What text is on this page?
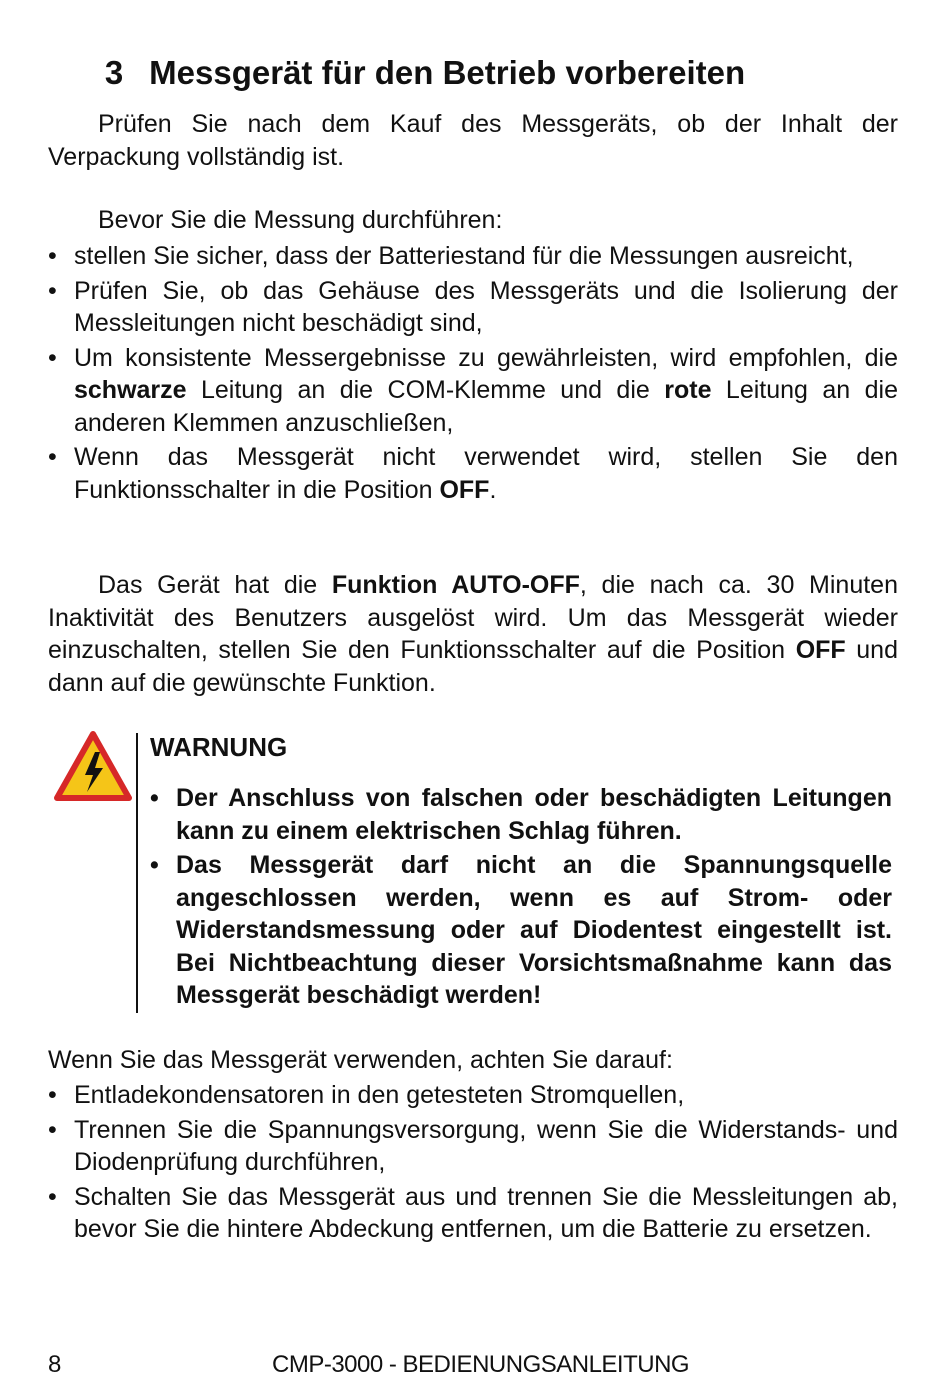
3 Messgerät für den Betrieb vorbereiten

Prüfen Sie nach dem Kauf des Messgeräts, ob der Inhalt der Verpackung vollständig ist.

Bevor Sie die Messung durchführen:

• stellen Sie sicher, dass der Batteriestand für die Messungen ausreicht,
• Prüfen Sie, ob das Gehäuse des Messgeräts und die Isolierung der Messleitungen nicht beschädigt sind,
• Um konsistente Messergebnisse zu gewährleisten, wird empfohlen, die schwarze Leitung an die COM-Klemme und die rote Leitung an die anderen Klemmen anzuschließen,
• Wenn das Messgerät nicht verwendet wird, stellen Sie den Funktionsschalter in die Position OFF.

Das Gerät hat die Funktion AUTO-OFF, die nach ca. 30 Minuten Inaktivität des Benutzers ausgelöst wird. Um das Messgerät wieder einzuschalten, stellen Sie den Funktionsschalter auf die Position OFF und dann auf die gewünschte Funktion.

WARNUNG

• Der Anschluss von falschen oder beschädigten Leitungen kann zu einem elektrischen Schlag führen.
• Das Messgerät darf nicht an die Spannungsquelle angeschlossen werden, wenn es auf Strom- oder Widerstandsmessung oder auf Diodentest eingestellt ist. Bei Nichtbeachtung dieser Vorsichtsmaßnahme kann das Messgerät beschädigt werden!

Wenn Sie das Messgerät verwenden, achten Sie darauf:

• Entladekondensatoren in den getesteten Stromquellen,
• Trennen Sie die Spannungsversorgung, wenn Sie die Widerstands- und Diodenprüfung durchführen,
• Schalten Sie das Messgerät aus und trennen Sie die Messleitungen ab, bevor Sie die hintere Abdeckung entfernen, um die Batterie zu ersetzen.
8	CMP-3000 - BEDIENUNGSANLEITUNG
